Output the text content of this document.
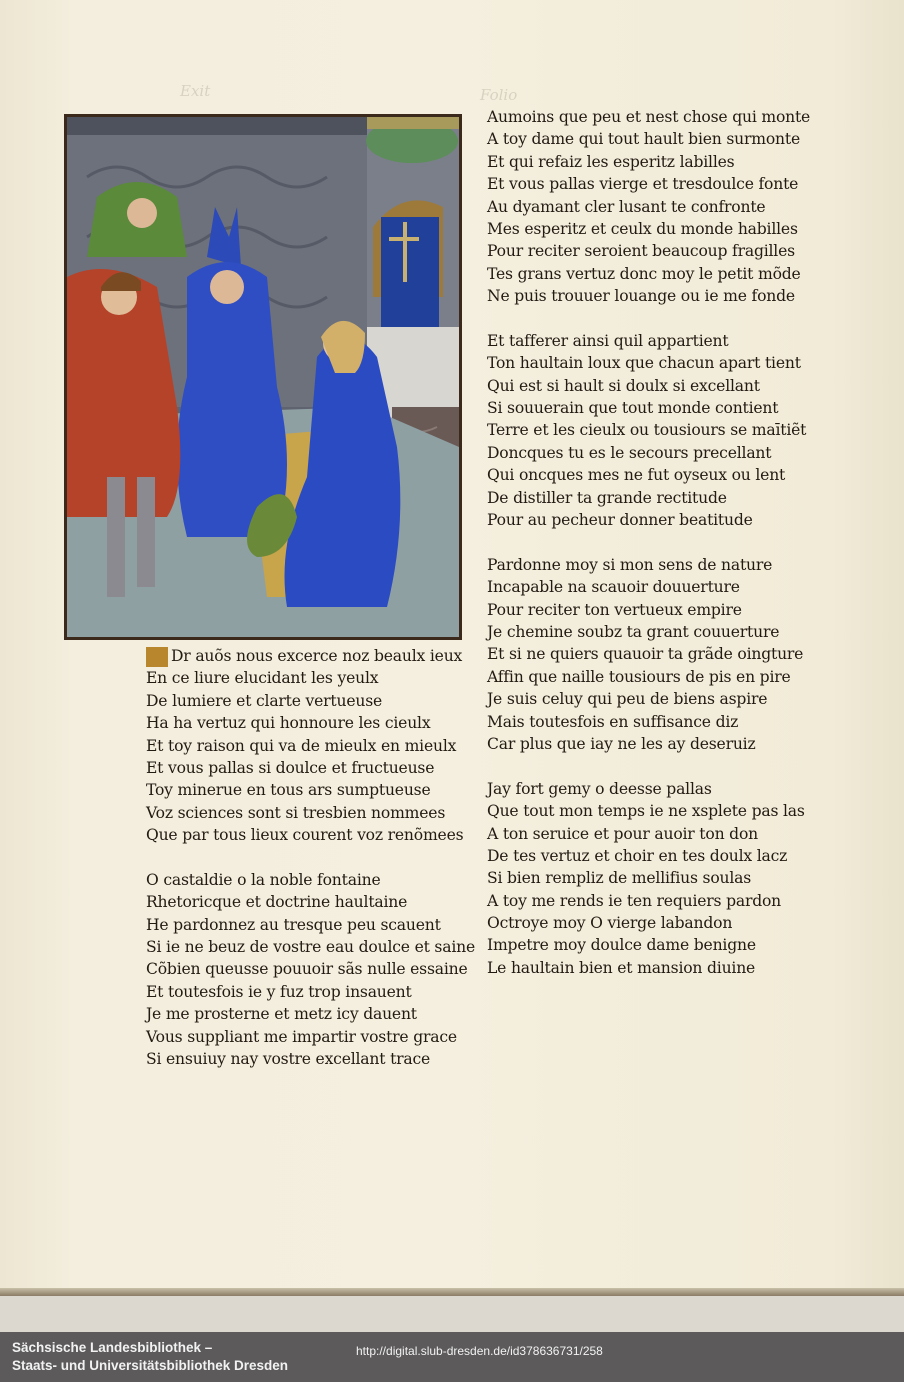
Exit	Folio
Dr auõs nous excerce noz beaulx ieux
En ce liure elucidant les yeulx
De lumiere et clarte vertueuse
Ha ha vertuz qui honnoure les cieulx
Et toy raison qui va de mieulx en mieulx
Et vous pallas si doulce et fructueuse
Toy minerue en tous ars sumptueuse
Voz sciences sont si tresbien nommees
Que par tous lieux courent voz renõmees
O castaldie o la noble fontaine
Rhetoricque et doctrine haultaine
He pardonnez au tresque peu scauent
Si ie ne beuz de vostre eau doulce et saine
Cõbien queusse pouuoir sãs nulle essaine
Et toutesfois ie y fuz trop insauent
Je me prosterne et metz icy dauent
Vous suppliant me impartir vostre grace
Si ensuiuy nay vostre excellant trace
Aumoins que peu et nest chose qui monte
A toy dame qui tout hault bien surmonte
Et qui refaiz les esperitz labilles
Et vous pallas vierge et tresdoulce fonte
Au dyamant cler lusant te confronte
Mes esperitz et ceulx du monde habilles
Pour reciter seroient beaucoup fragilles
Tes grans vertuz donc moy le petit mõde
Ne puis trouuer louange ou ie me fonde
Et tafferer ainsi quil appartient
Ton haultain loux que chacun apart tient
Qui est si hault si doulx si excellant
Si souuerain que tout monde contient
Terre et les cieulx ou tousiours se maītiẽt
Doncques tu es le secours precellant
Qui oncques mes ne fut oyseux ou lent
De distiller ta grande rectitude
Pour au pecheur donner beatitude
Pardonne moy si mon sens de nature
Incapable na scauoir douuerture
Pour reciter ton vertueux empire
Je chemine soubz ta grant couuerture
Et si ne quiers quauoir ta grãde oingture
Affin que naille tousiours de pis en pire
Je suis celuy qui peu de biens aspire
Mais toutesfois en suffisance diz
Car plus que iay ne les ay deseruiz
Jay fort gemy o deesse pallas
Que tout mon temps ie ne xsplete pas las
A ton seruice et pour auoir ton don
De tes vertuz et choir en tes doulx lacz
Si bien rempliz de mellifius soulas
A toy me rends ie ten requiers pardon
Octroye moy O vierge labandon
Impetre moy doulce dame benigne
Le haultain bien et mansion diuine
Sächsische Landesbibliothek –
Staats- und Universitätsbibliothek Dresden
http://digital.slub-dresden.de/id378636731/258
